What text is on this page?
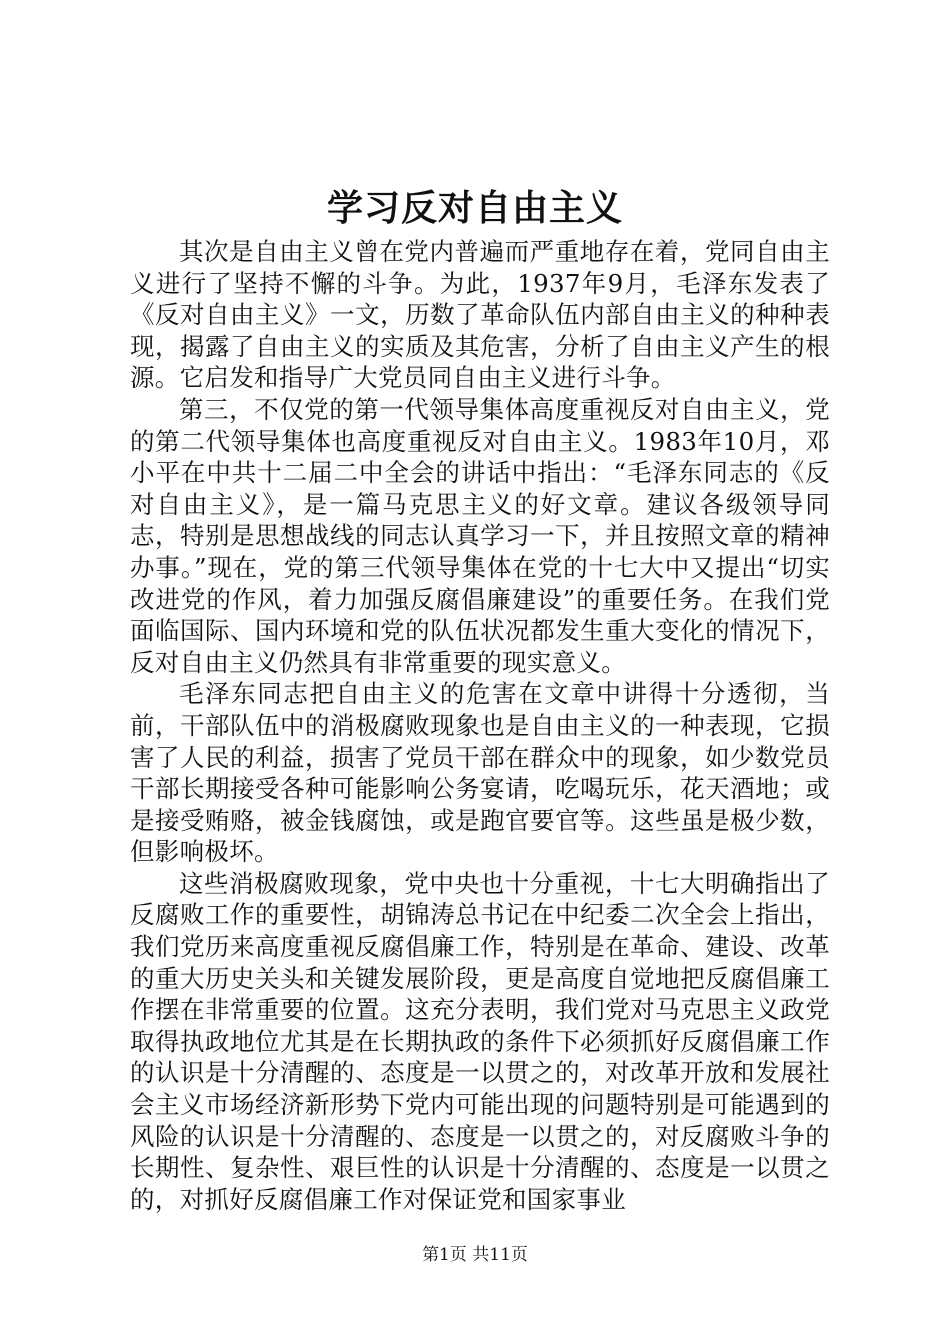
学习反对自由主义

其次是自由主义曾在党内普遍而严重地存在着，党同自由主义进行了坚持不懈的斗争。为此，1937年9月，毛泽东发表了《反对自由主义》一文，历数了革命队伍内部自由主义的种种表现，揭露了自由主义的实质及其危害，分析了自由主义产生的根源。它启发和指导广大党员同自由主义进行斗争。

第三，不仅党的第一代领导集体高度重视反对自由主义，党的第二代领导集体也高度重视反对自由主义。1983年10月，邓小平在中共十二届二中全会的讲话中指出：“毛泽东同志的《反对自由主义》，是一篇马克思主义的好文章。建议各级领导同志，特别是思想战线的同志认真学习一下，并且按照文章的精神办事。”现在，党的第三代领导集体在党的十七大中又提出“切实改进党的作风，着力加强反腐倡廉建设”的重要任务。在我们党面临国际、国内环境和党的队伍状况都发生重大变化的情况下，反对自由主义仍然具有非常重要的现实意义。

毛泽东同志把自由主义的危害在文章中讲得十分透彻，当前，干部队伍中的消极腐败现象也是自由主义的一种表现，它损害了人民的利益，损害了党员干部在群众中的现象，如少数党员干部长期接受各种可能影响公务宴请，吃喝玩乐，花天酒地；或是接受贿赂，被金钱腐蚀，或是跑官要官等。这些虽是极少数，但影响极坏。

这些消极腐败现象，党中央也十分重视，十七大明确指出了反腐败工作的重要性，胡锦涛总书记在中纪委二次全会上指出，我们党历来高度重视反腐倡廉工作，特别是在革命、建设、改革的重大历史关头和关键发展阶段，更是高度自觉地把反腐倡廉工作摆在非常重要的位置。这充分表明，我们党对马克思主义政党取得执政地位尤其是在长期执政的条件下必须抓好反腐倡廉工作的认识是十分清醒的、态度是一以贯之的，对改革开放和发展社会主义市场经济新形势下党内可能出现的问题特别是可能遇到的风险的认识是十分清醒的、态度是一以贯之的，对反腐败斗争的长期性、复杂性、艰巨性的认识是十分清醒的、态度是一以贯之的，对抓好反腐倡廉工作对保证党和国家事业

第1页 共11页
